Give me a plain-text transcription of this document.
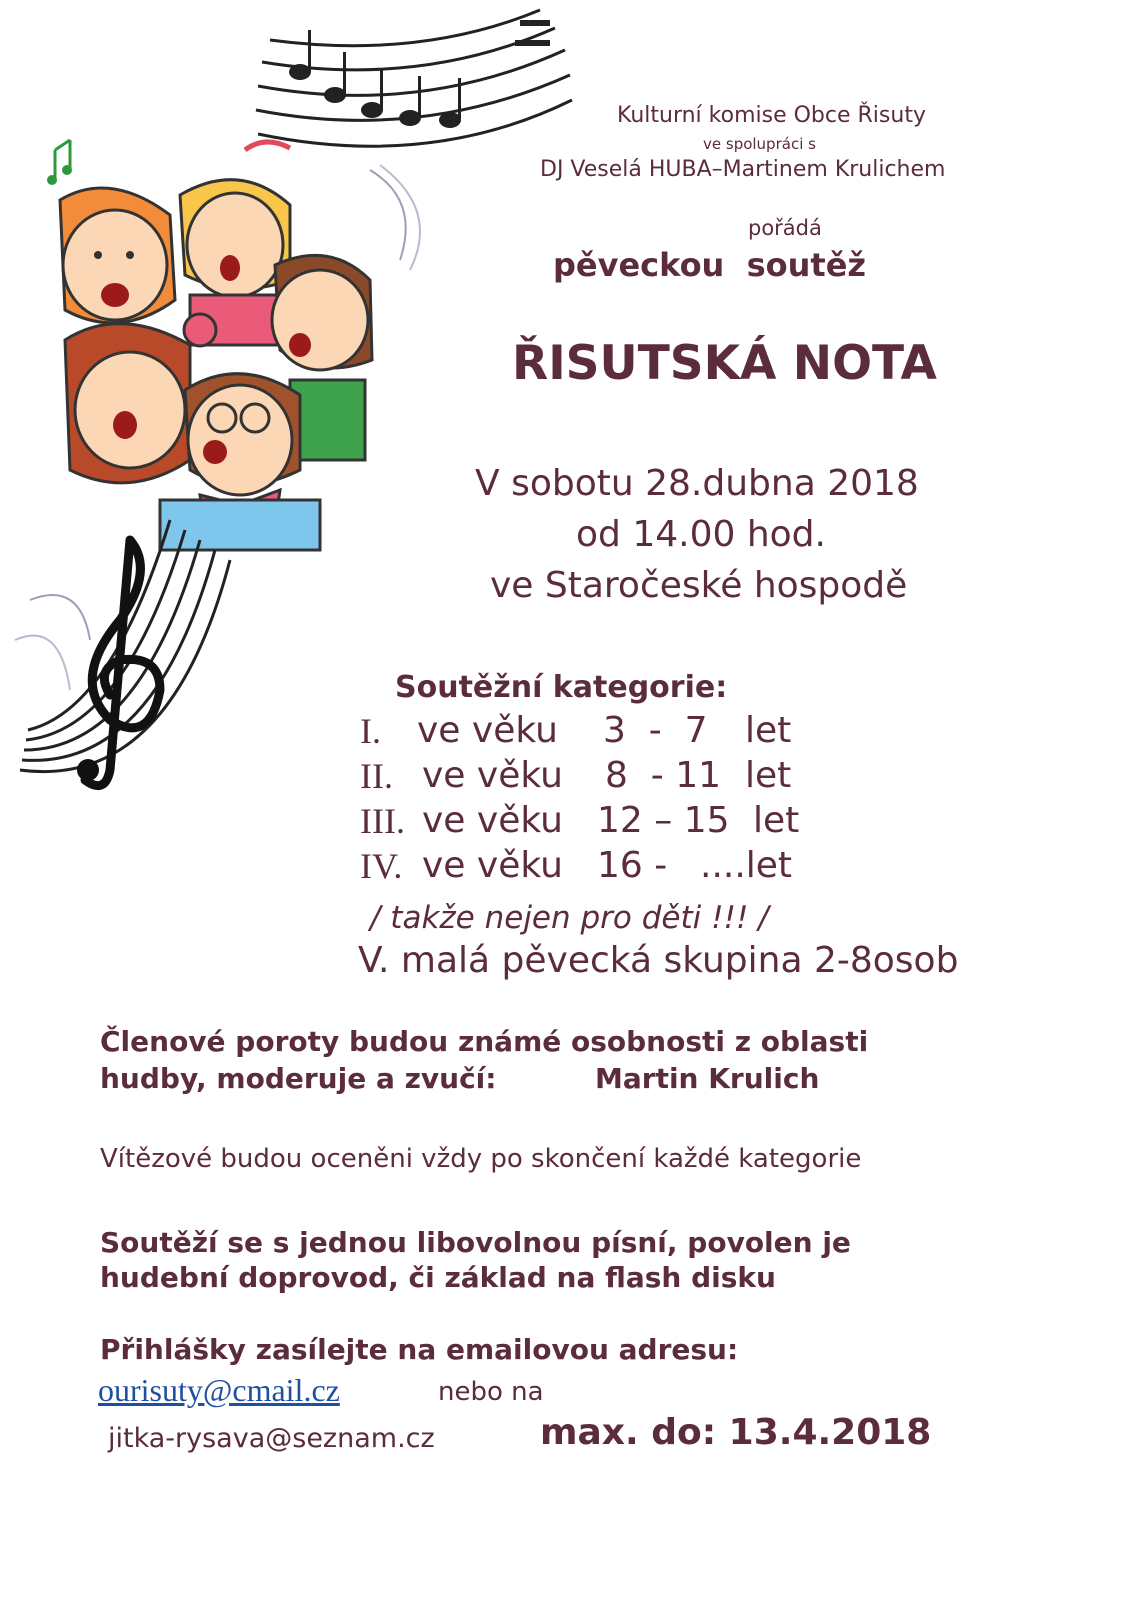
Kulturní komise Obce Řisuty
ve spolupráci s
DJ Veselá HUBA–Martinem Krulichem
pořádá
pěveckou  soutěž
ŘISUTSKÁ NOTA
V sobotu 28.dubna 2018
od 14.00 hod.
ve Staročeské hospodě
Soutěžní kategorie:
I. ve věku 3  -  7 let
II. ve věku 8  - 11 let
III. ve věku 12 – 15 let
IV. ve věku 16 - ....let
/ takže nejen pro děti !!! /
V. malá pěvecká skupina 2-8osob
Členové poroty budou známé osobnosti z oblasti
hudby, moderuje a zvučí:	Martin Krulich
Vítězové budou oceněni vždy po skončení každé kategorie
Soutěží se s jednou libovolnou písní, povolen je
hudební doprovod, či základ na flash disku
Přihlášky zasílejte na emailovou adresu:
ourisuty@cmail.cz	nebo na
jitka-rysava@seznam.cz	max. do: 13.4.2018
